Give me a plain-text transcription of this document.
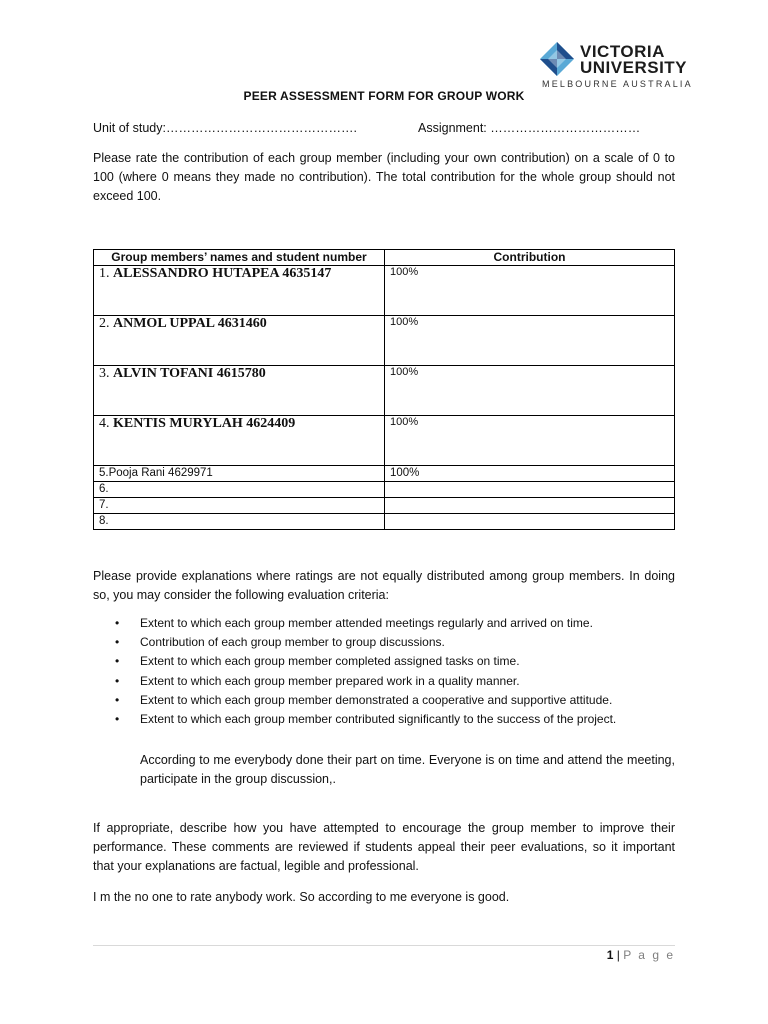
VICTORIA
UNIVERSITY
MELBOURNE AUSTRALIA
PEER ASSESSMENT FORM FOR GROUP WORK
Unit of study:……………………………………….	Assignment: ………………………………
Please rate the contribution of each group member (including your own contribution) on a scale of 0 to 100 (where 0 means they made no contribution). The total contribution for the whole group should not exceed 100.
Group members’ names and student number	Contribution
1. ALESSANDRO HUTAPEA 4635147	100%
2. ANMOL UPPAL 4631460	100%
3. ALVIN TOFANI 4615780	100%
4. KENTIS MURYLAH 4624409	100%
5.Pooja Rani 4629971	100%
6.	
7.	
8.	
Please provide explanations where ratings are not equally distributed among group members. In doing so, you may consider the following evaluation criteria:
• Extent to which each group member attended meetings regularly and arrived on time.
• Contribution of each group member to group discussions.
• Extent to which each group member completed assigned tasks on time.
• Extent to which each group member prepared work in a quality manner.
• Extent to which each group member demonstrated a cooperative and supportive attitude.
• Extent to which each group member contributed significantly to the success of the project.
According to me everybody done their part on time. Everyone is on time and attend the meeting, participate in the group discussion,.
If appropriate, describe how you have attempted to encourage the group member to improve their performance. These comments are reviewed if students appeal their peer evaluations, so it important that your explanations are factual, legible and professional.
I m the no one to rate anybody work. So according to me everyone is good.
1 | P a g e
